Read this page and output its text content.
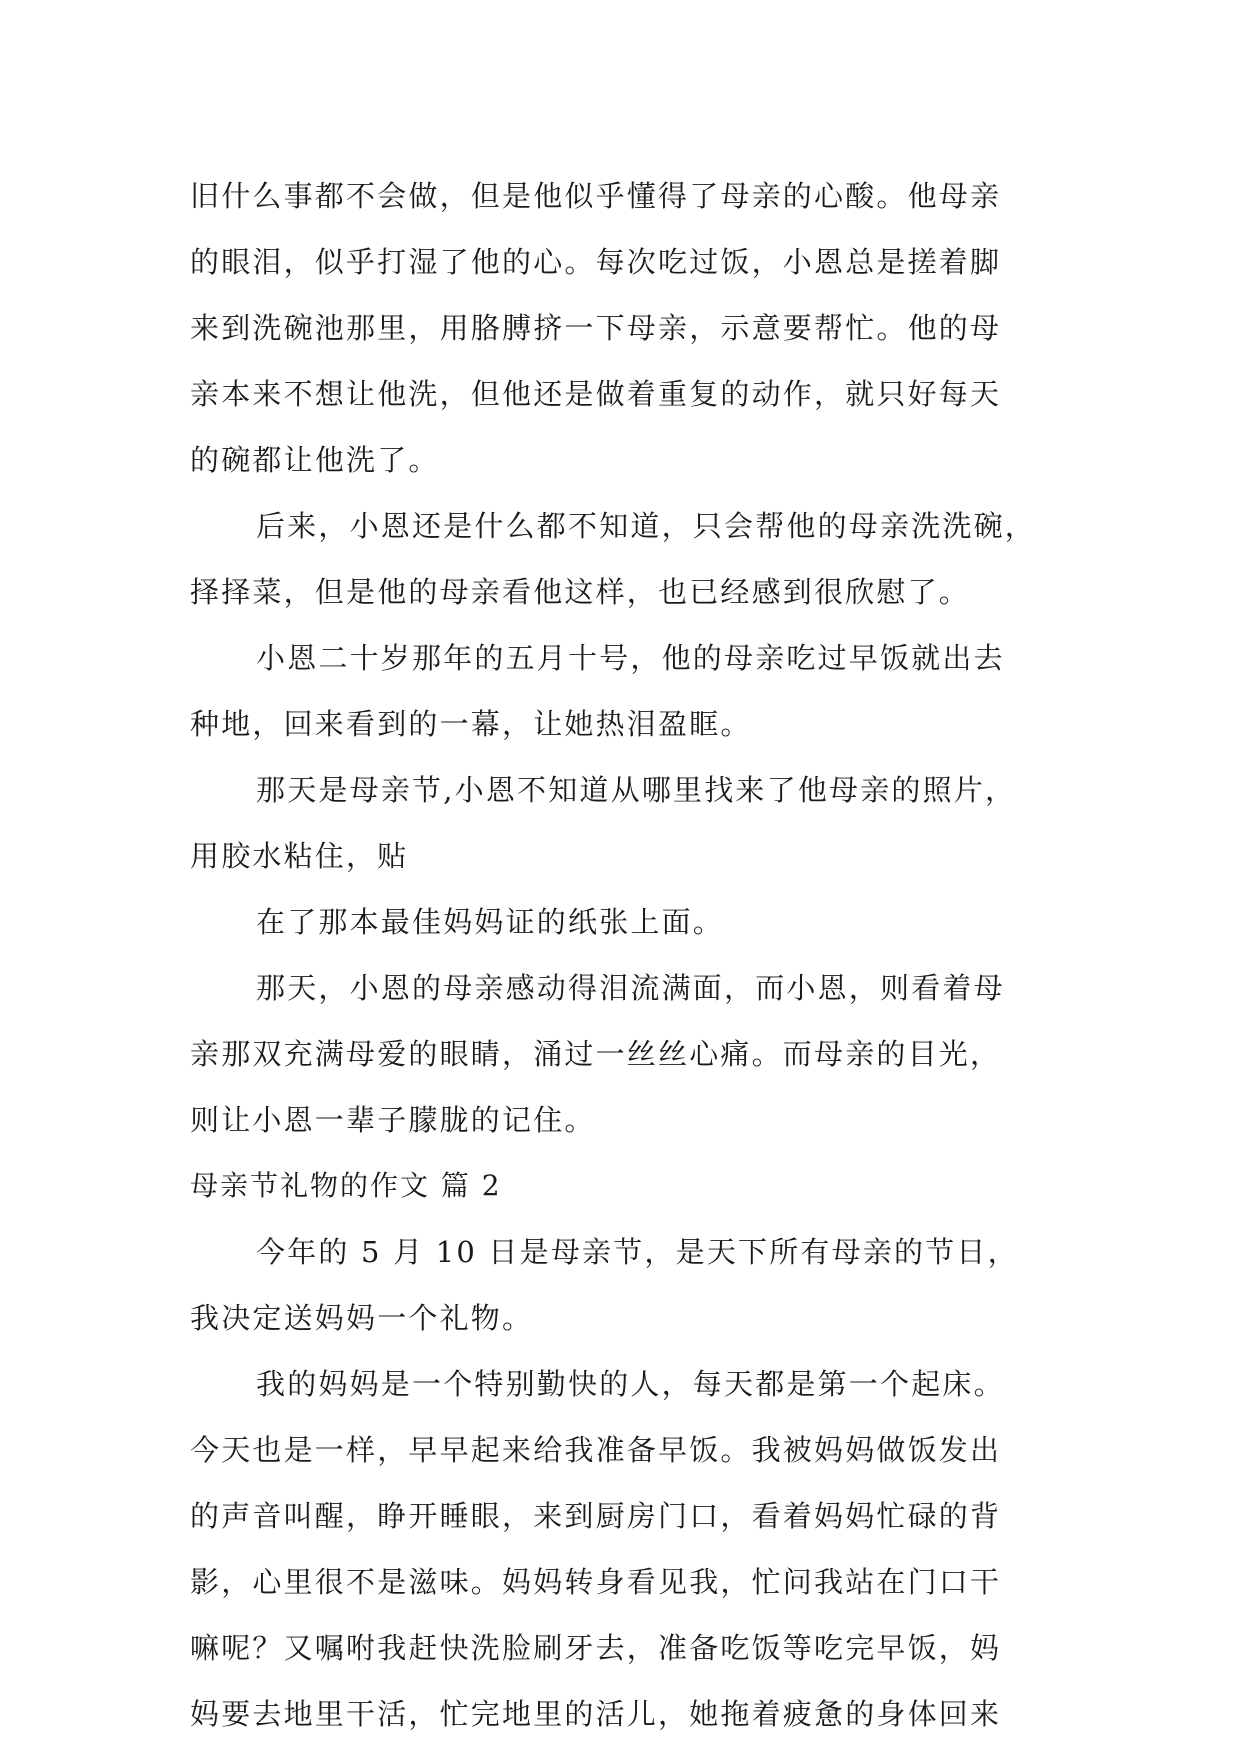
旧什么事都不会做，但是他似乎懂得了母亲的心酸。他母亲
的眼泪，似乎打湿了他的心。每次吃过饭，小恩总是搓着脚
来到洗碗池那里，用胳膊挤一下母亲，示意要帮忙。他的母
亲本来不想让他洗，但他还是做着重复的动作，就只好每天
的碗都让他洗了。
后来，小恩还是什么都不知道，只会帮他的母亲洗洗碗，
择择菜，但是他的母亲看他这样，也已经感到很欣慰了。
小恩二十岁那年的五月十号，他的母亲吃过早饭就出去
种地，回来看到的一幕，让她热泪盈眶。
那天是母亲节,小恩不知道从哪里找来了他母亲的照片，
用胶水粘住，贴
在了那本最佳妈妈证的纸张上面。
那天，小恩的母亲感动得泪流满面，而小恩，则看着母
亲那双充满母爱的眼睛，涌过一丝丝心痛。而母亲的目光，
则让小恩一辈子朦胧的记住。
母亲节礼物的作文 篇 2
今年的 5 月 10 日是母亲节，是天下所有母亲的节日，
我决定送妈妈一个礼物。
我的妈妈是一个特别勤快的人，每天都是第一个起床。
今天也是一样，早早起来给我准备早饭。我被妈妈做饭发出
的声音叫醒，睁开睡眼，来到厨房门口，看着妈妈忙碌的背
影，心里很不是滋味。妈妈转身看见我，忙问我站在门口干
嘛呢？又嘱咐我赶快洗脸刷牙去，准备吃饭等吃完早饭，妈
妈要去地里干活，忙完地里的活儿，她拖着疲惫的身体回来
